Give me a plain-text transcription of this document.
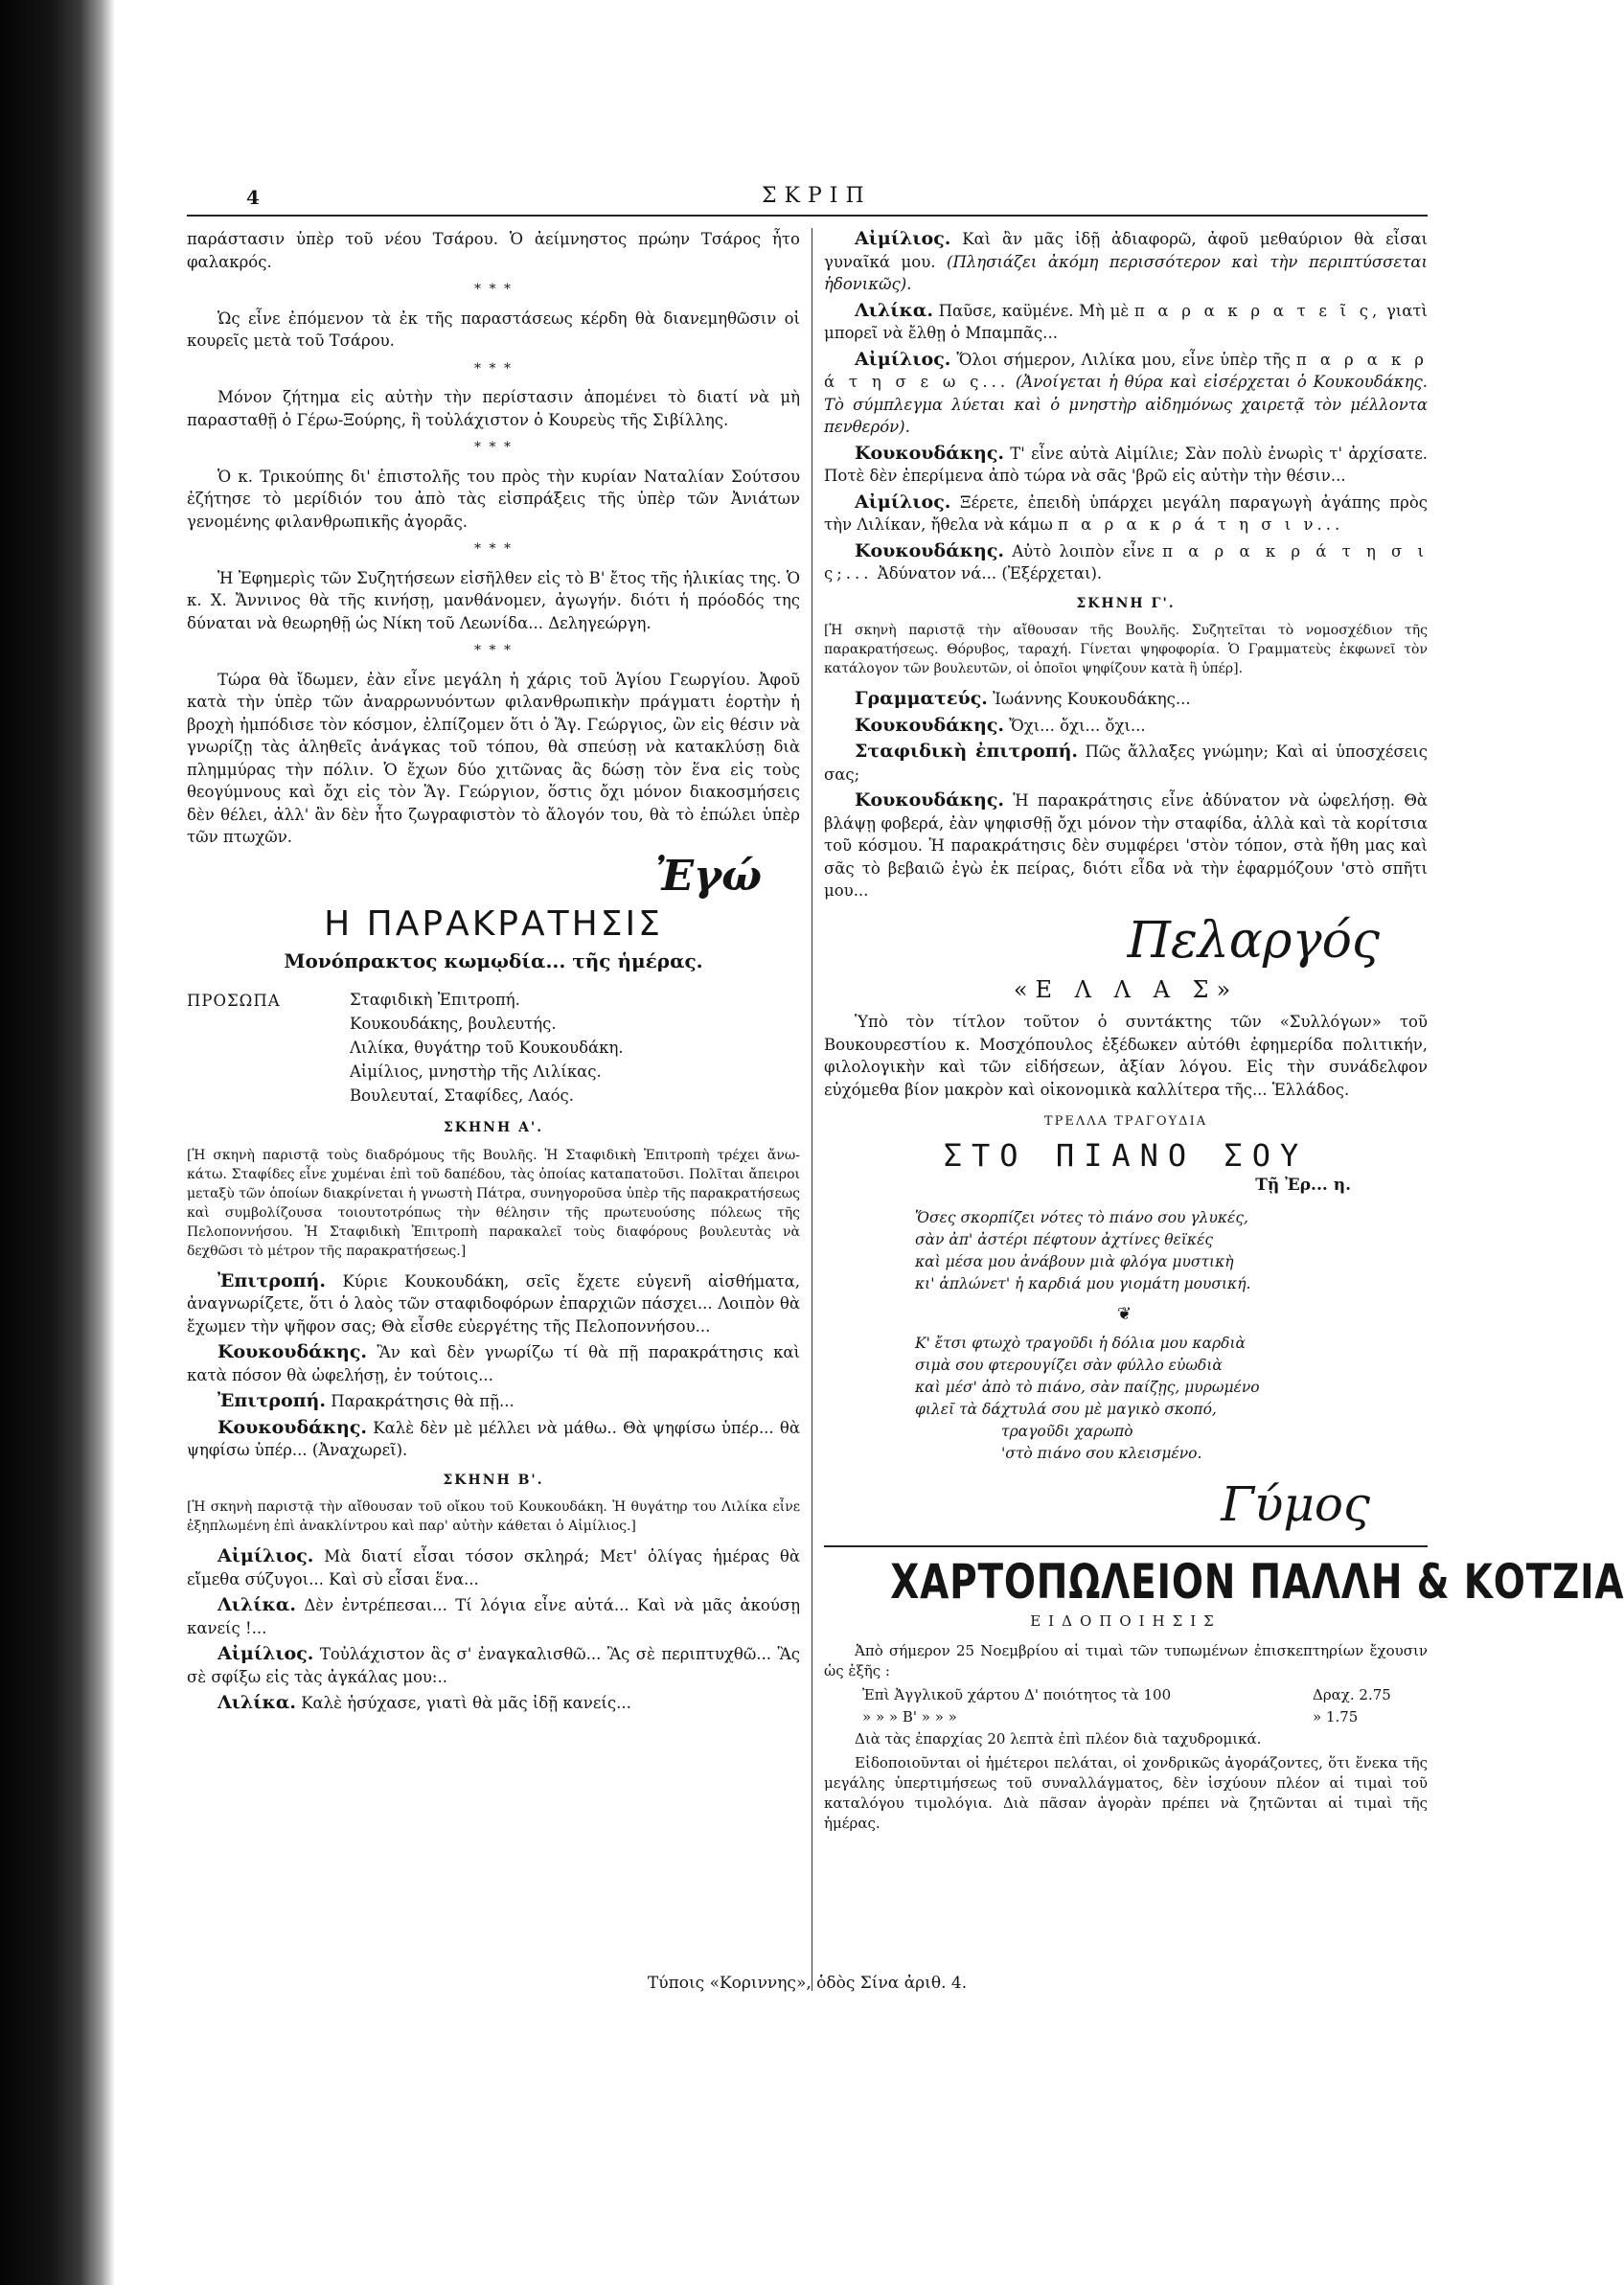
4	ΣΚΡΙΠ

παράστασιν ὑπὲρ τοῦ νέου Τσάρου. Ὁ ἀείμνηστος πρώην Τσάρος ἦτο φαλακρός.

* * *

Ὡς εἶνε ἐπόμενον τὰ ἐκ τῆς παραστάσεως κέρδη θὰ διανεμηθῶσιν οἱ κουρεῖς μετὰ τοῦ Τσάρου.

* * *

Μόνον ζήτημα εἰς αὐτὴν τὴν περίστασιν ἀπομένει τὸ διατί νὰ μὴ παρασταθῇ ὁ Γέρω-Ξούρης, ἢ τοὐλάχιστον ὁ Κουρεὺς τῆς Σιβίλλης.

* * *

Ὁ κ. Τρικούπης δι' ἐπιστολῆς του πρὸς τὴν κυρίαν Ναταλίαν Σούτσου ἐζήτησε τὸ μερίδιόν του ἀπὸ τὰς εἰσπράξεις τῆς ὑπὲρ τῶν Ἀνιάτων γενομένης φιλανθρωπικῆς ἀγορᾶς.

* * *

Ἡ Ἐφημερὶς τῶν Συζητήσεων εἰσῆλθεν εἰς τὸ Β' ἔτος τῆς ἡλικίας της. Ὁ κ. Χ. Ἄννινος θὰ τῆς κινήσῃ, μανθάνομεν, ἀγωγήν. διότι ἡ πρόοδός της δύναται νὰ θεωρηθῇ ὡς Νίκη τοῦ Λεωνίδα... Δεληγεώργη.

* * *

Τώρα θὰ ἴδωμεν, ἐὰν εἶνε μεγάλη ἡ χάρις τοῦ Ἁγίου Γεωργίου. Ἀφοῦ κατὰ τὴν ὑπὲρ τῶν ἀναρρωνυόντων φιλανθρωπικὴν πράγματι ἑορτὴν ἡ βροχὴ ἠμπόδισε τὸν κόσμον, ἐλπίζομεν ὅτι ὁ Ἅγ. Γεώργιος, ὢν εἰς θέσιν νὰ γνωρίζῃ τὰς ἀληθεῖς ἀνάγκας τοῦ τόπου, θὰ σπεύσῃ νὰ κατακλύσῃ διὰ πλημμύρας τὴν πόλιν. Ὁ ἔχων δύο χιτῶνας ἂς δώσῃ τὸν ἕνα εἰς τοὺς θεογύμνους καὶ ὄχι εἰς τὸν Ἅγ. Γεώργιον, ὅστις ὄχι μόνον διακοσμήσεις δὲν θέλει, ἀλλ' ἂν δὲν ἦτο ζωγραφιστὸν τὸ ἄλογόν του, θὰ τὸ ἐπώλει ὑπὲρ τῶν πτωχῶν.

Ἐγώ
Η ΠΑΡΑΚΡΑΤΗΣΙΣ
Μονόπρακτος κωμῳδία... τῆς ἡμέρας.
ΠΡΟΣΩΠΑ	Σταφιδικὴ Ἐπιτροπή.
Κουκουδάκης, βουλευτής.
Λιλίκα, θυγάτηρ τοῦ Κουκουδάκη.
Αἰμίλιος, μνηστὴρ τῆς Λιλίκας.
Βουλευταί, Σταφίδες, Λαός.
ΣΚΗΝΗ Α'.

[Ἡ σκηνὴ παριστᾷ τοὺς διαδρόμους τῆς Βουλῆς. Ἡ Σταφιδικὴ Ἐπιτροπὴ τρέχει ἄνω-κάτω. Σταφίδες εἶνε χυμέναι ἐπὶ τοῦ δαπέδου, τὰς ὁποίας καταπατοῦσι. Πολῖται ἄπειροι μεταξὺ τῶν ὁποίων διακρίνεται ἡ γνωστὴ Πάτρα, συνηγοροῦσα ὑπὲρ τῆς παρακρατήσεως καὶ συμβολίζουσα τοιουτοτρόπως τὴν θέλησιν τῆς πρωτευούσης πόλεως τῆς Πελοποννήσου. Ἡ Σταφιδικὴ Ἐπιτροπὴ παρακαλεῖ τοὺς διαφόρους βουλευτὰς νὰ δεχθῶσι τὸ μέτρον τῆς παρακρατήσεως.]

Ἐπιτροπή. Κύριε Κουκουδάκη, σεῖς ἔχετε εὐγενῆ αἰσθήματα, ἀναγνωρίζετε, ὅτι ὁ λαὸς τῶν σταφιδοφόρων ἐπαρχιῶν πάσχει... Λοιπὸν θὰ ἔχωμεν τὴν ψῆφον σας; Θὰ εἶσθε εὐεργέτης τῆς Πελοποννήσου...

Κουκουδάκης. Ἂν καὶ δὲν γνωρίζω τί θὰ πῇ παρακράτησις καὶ κατὰ πόσον θὰ ὠφελήσῃ, ἐν τούτοις...

Ἐπιτροπή. Παρακράτησις θὰ πῇ...

Κουκουδάκης. Καλὲ δὲν μὲ μέλλει νὰ μάθω.. Θὰ ψηφίσω ὑπέρ... θὰ ψηφίσω ὑπέρ... (Ἀναχωρεῖ).

ΣΚΗΝΗ Β'.

[Ἡ σκηνὴ παριστᾷ τὴν αἴθουσαν τοῦ οἴκου τοῦ Κουκουδάκη. Ἡ θυγάτηρ του Λιλίκα εἶνε ἐξηπλωμένη ἐπὶ ἀνακλίντρου καὶ παρ' αὐτὴν κάθεται ὁ Αἰμίλιος.]

Αἰμίλιος. Μὰ διατί εἶσαι τόσον σκληρά; Μετ' ὀλίγας ἡμέρας θὰ εἴμεθα σύζυγοι... Καὶ σὺ εἶσαι ἕνα...

Λιλίκα. Δὲν ἐντρέπεσαι... Τί λόγια εἶνε αὐτά... Καὶ νὰ μᾶς ἀκούσῃ κανείς !...

Αἰμίλιος. Τοὐλάχιστον ἂς σ' ἐναγκαλισθῶ... Ἂς σὲ περιπτυχθῶ... Ἂς σὲ σφίξω εἰς τὰς ἀγκάλας μου:..

Λιλίκα. Καλὲ ἡσύχασε, γιατὶ θὰ μᾶς ἰδῇ κανείς...

Αἰμίλιος. Καὶ ἂν μᾶς ἰδῇ ἀδιαφορῶ, ἀφοῦ μεθαύριον θὰ εἶσαι γυναῖκά μου. (Πλησιάζει ἀκόμη περισσότερον καὶ τὴν περιπτύσσεται ἡδονικῶς).

Λιλίκα. Παῦσε, καϋμένε. Μὴ μὲ π α ρ α κ ρ α τ ε ῖ ς, γιατὶ μπορεῖ νὰ ἔλθῃ ὁ Μπαμπᾶς...

Αἰμίλιος. Ὅλοι σήμερον, Λιλίκα μου, εἶνε ὑπὲρ τῆς π α ρ α κ ρ ά τ η σ ε ω ς... (Ἀνοίγεται ἡ θύρα καὶ εἰσέρχεται ὁ Κουκουδάκης. Τὸ σύμπλεγμα λύεται καὶ ὁ μνηστὴρ αἰδημόνως χαιρετᾷ τὸν μέλλοντα πενθερόν).

Κουκουδάκης. Τ' εἶνε αὐτὰ Αἰμίλιε; Σὰν πολὺ ἐνωρὶς τ' ἀρχίσατε. Ποτὲ δὲν ἐπερίμενα ἀπὸ τώρα νὰ σᾶς 'βρῶ εἰς αὐτὴν τὴν θέσιν...

Αἰμίλιος. Ξέρετε, ἐπειδὴ ὑπάρχει μεγάλη παραγωγὴ ἀγάπης πρὸς τὴν Λιλίκαν, ἤθελα νὰ κάμω π α ρ α κ ρ ά τ η σ ι ν...

Κουκουδάκης. Αὐτὸ λοιπὸν εἶνε π α ρ α κ ρ ά τ η σ ι ς;... Ἀδύνατον νά... (Ἐξέρχεται).

ΣΚΗΝΗ Γ'.

[Ἡ σκηνὴ παριστᾷ τὴν αἴθουσαν τῆς Βουλῆς. Συζητεῖται τὸ νομοσχέδιον τῆς παρακρατήσεως. Θόρυβος, ταραχή. Γίνεται ψηφοφορία. Ὁ Γραμματεὺς ἐκφωνεῖ τὸν κατάλογον τῶν βουλευτῶν, οἱ ὁποῖοι ψηφίζουν κατὰ ἢ ὑπέρ].

Γραμματεύς. Ἰωάννης Κουκουδάκης...

Κουκουδάκης. Ὄχι... ὄχι... ὄχι...

Σταφιδικὴ ἐπιτροπή. Πῶς ἄλλαξες γνώμην; Καὶ αἱ ὑποσχέσεις σας;

Κουκουδάκης. Ἡ παρακράτησις εἶνε ἀδύνατον νὰ ὠφελήσῃ. Θὰ βλάψῃ φοβερά, ἐὰν ψηφισθῇ ὄχι μόνον τὴν σταφίδα, ἀλλὰ καὶ τὰ κορίτσια τοῦ κόσμου. Ἡ παρακράτησις δὲν συμφέρει 'στὸν τόπον, στὰ ἤθη μας καὶ σᾶς τὸ βεβαιῶ ἐγὼ ἐκ πείρας, διότι εἶδα νὰ τὴν ἐφαρμόζουν 'στὸ σπῆτι μου...

Πελαργός
«Ε Λ Λ Α Σ»

Ὑπὸ τὸν τίτλον τοῦτον ὁ συντάκτης τῶν «Συλλόγων» τοῦ Βουκουρεστίου κ. Μοσχόπουλος ἐξέδωκεν αὐτόθι ἐφημερίδα πολιτικήν, φιλολογικὴν καὶ τῶν εἰδήσεων, ἀξίαν λόγου. Εἰς τὴν συνάδελφον εὐχόμεθα βίον μακρὸν καὶ οἰκονομικὰ καλλίτερα τῆς... Ἑλλάδος.

ΤΡΕΛΛΑ ΤΡΑΓΟΥΔΙΑ
ΣΤΟ ΠΙΑΝΟ ΣΟΥ
Τῇ Ἐρ... η.
Ὅσες σκορπίζει νότες τὸ πιάνο σου γλυκές,
σὰν ἀπ' ἀστέρι πέφτουν ἀχτίνες θεϊκές
καὶ μέσα μου ἀνάβουν μιὰ φλόγα μυστικὴ
κι' ἁπλώνετ' ἡ καρδιά μου γιομάτη μουσική.
❦
Κ' ἔτσι φτωχὸ τραγοῦδι ἡ δόλια μου καρδιὰ
σιμὰ σου φτερουγίζει σὰν φύλλο εὐωδιὰ
καὶ μέσ' ἀπὸ τὸ πιάνο, σὰν παίζῃς, μυρωμένο
φιλεῖ τὰ δάχτυλά σου μὲ μαγικὸ σκοπό,
τραγοῦδι χαρωπὸ
'στὸ πιάνο σου κλεισμένο.
Γύμος
ΧΑΡΤΟΠΩΛΕΙΟΝ ΠΑΛΛΗ & ΚΟΤΖΙΑ
ΕΙΔΟΠΟΙΗΣΙΣ

Ἀπὸ σήμερον 25 Νοεμβρίου αἱ τιμαὶ τῶν τυπωμένων ἐπισκεπτηρίων ἔχουσιν ὡς ἑξῆς :

Ἐπὶ Ἀγγλικοῦ χάρτου Δ' ποιότητος τὰ 100	Δραχ. 2.75
» » » Β' » » »	» 1.75

Διὰ τὰς ἐπαρχίας 20 λεπτὰ ἐπὶ πλέον διὰ ταχυδρομικά.

Εἰδοποιοῦνται οἱ ἡμέτεροι πελάται, οἱ χονδρικῶς ἀγοράζοντες, ὅτι ἕνεκα τῆς μεγάλης ὑπερτιμήσεως τοῦ συναλλάγματος, δὲν ἰσχύουν πλέον αἱ τιμαὶ τοῦ καταλόγου τιμολόγια. Διὰ πᾶσαν ἀγορὰν πρέπει νὰ ζητῶνται αἱ τιμαὶ τῆς ἡμέρας.

Τύποις «Κοριννης», ὁδὸς Σίνα ἀριθ. 4.
